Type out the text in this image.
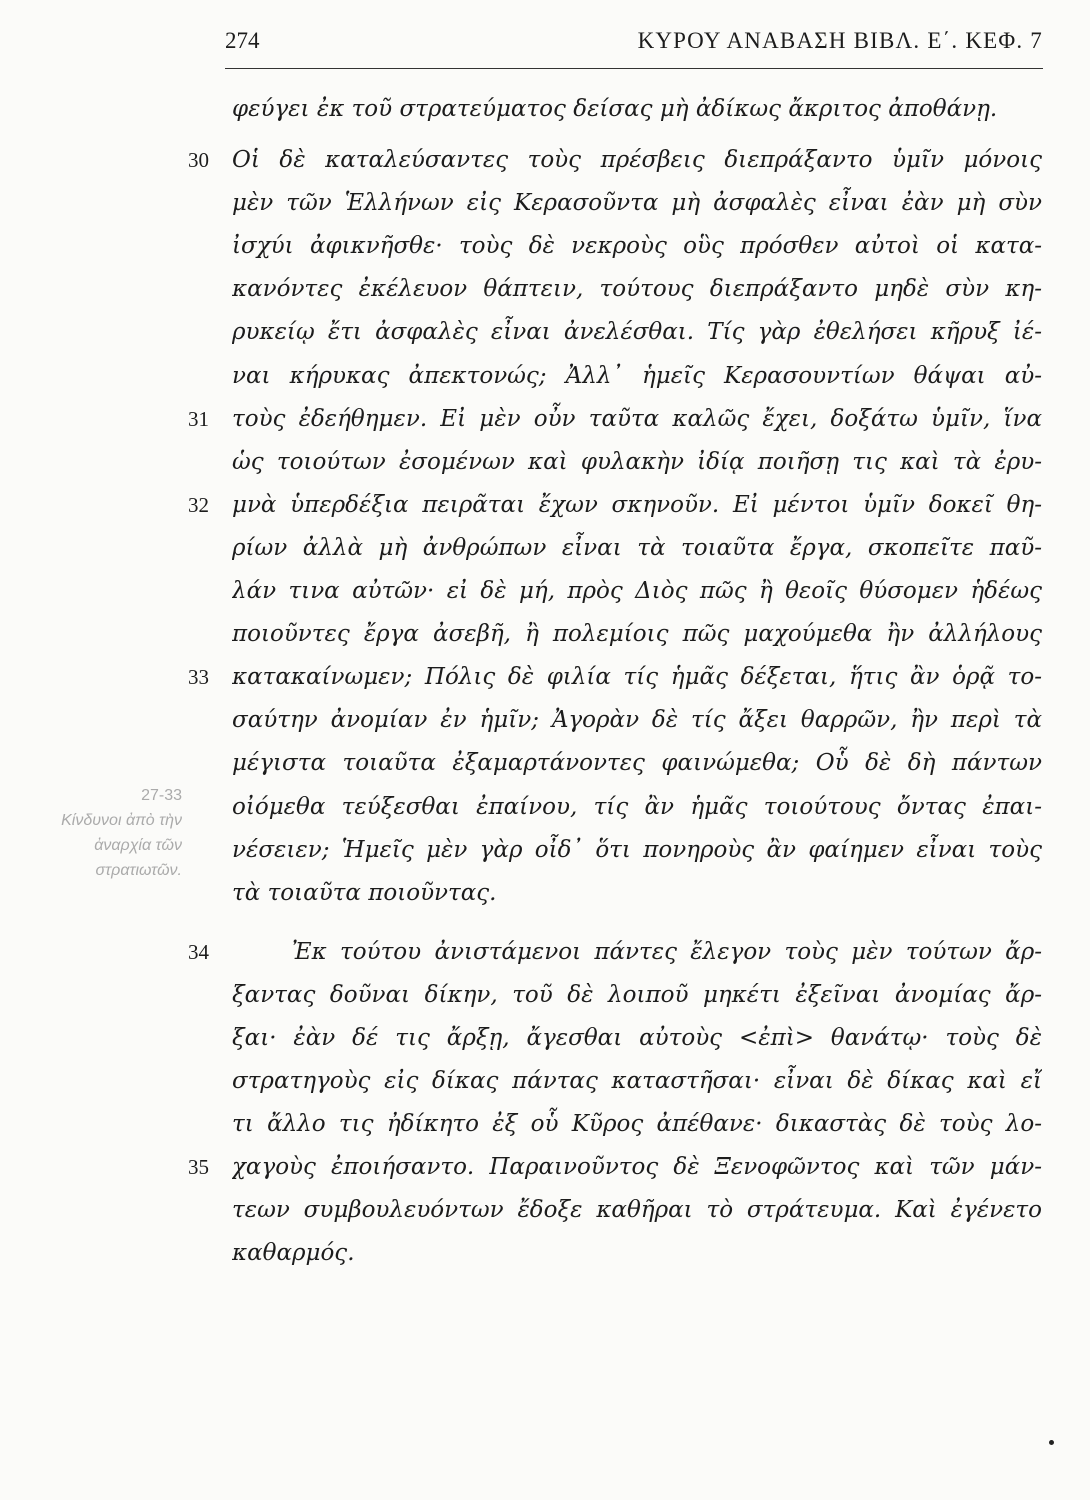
274	ΚΥΡΟΥ ΑΝΑΒΑΣΗ ΒΙΒΛ. Ε΄. ΚΕΦ. 7
φεύγει ἐκ τοῦ στρατεύματος δείσας μὴ ἀδίκως ἄκριτος ἀποθάνῃ.
30 Οἱ δὲ καταλεύσαντες τοὺς πρέσβεις διεπράξαντο ὑμῖν μόνοις
μὲν τῶν Ἑλλήνων εἰς Κερασοῦντα μὴ ἀσφαλὲς εἶναι ἐὰν μὴ σὺν
ἰσχύι ἀφικνῆσθε· τοὺς δὲ νεκροὺς οὓς πρόσθεν αὐτοὶ οἱ κατα-
κανόντες ἐκέλευον θάπτειν, τούτους διεπράξαντο μηδὲ σὺν κη-
ρυκείῳ ἔτι ἀσφαλὲς εἶναι ἀνελέσθαι. Τίς γὰρ ἐθελήσει κῆρυξ ἰέ-
ναι κήρυκας ἀπεκτονώς; Ἀλλ᾽ ἡμεῖς Κερασουντίων θάψαι αὐ-
31 τοὺς ἐδεήθημεν. Εἰ μὲν οὖν ταῦτα καλῶς ἔχει, δοξάτω ὑμῖν, ἵνα
ὡς τοιούτων ἐσομένων καὶ φυλακὴν ἰδίᾳ ποιῆσῃ τις καὶ τὰ ἐρυ-
32 μνὰ ὑπερδέξια πειρᾶται ἔχων σκηνοῦν. Εἰ μέντοι ὑμῖν δοκεῖ θη-
ρίων ἀλλὰ μὴ ἀνθρώπων εἶναι τὰ τοιαῦτα ἔργα, σκοπεῖτε παῦ-
λάν τινα αὐτῶν· εἰ δὲ μή, πρὸς Διὸς πῶς ἢ θεοῖς θύσομεν ἡδέως
ποιοῦντες ἔργα ἀσεβῆ, ἢ πολεμίοις πῶς μαχούμεθα ἢν ἀλλήλους
33 κατακαίνωμεν; Πόλις δὲ φιλία τίς ἡμᾶς δέξεται, ἥτις ἂν ὁρᾷ το-
σαύτην ἀνομίαν ἐν ἡμῖν; Ἀγορὰν δὲ τίς ἄξει θαρρῶν, ἢν περὶ τὰ
μέγιστα τοιαῦτα ἐξαμαρτάνοντες φαινώμεθα; Οὗ δὲ δὴ πάντων
οἰόμεθα τεύξεσθαι ἐπαίνου, τίς ἂν ἡμᾶς τοιούτους ὄντας ἐπαι-
νέσειεν; Ἡμεῖς μὲν γὰρ οἶδ᾽ ὅτι πονηροὺς ἂν φαίημεν εἶναι τοὺς
τὰ τοιαῦτα ποιοῦντας.
34	Ἐκ τούτου ἀνιστάμενοι πάντες ἔλεγον τοὺς μὲν τούτων ἄρ-
ξαντας δοῦναι δίκην, τοῦ δὲ λοιποῦ μηκέτι ἐξεῖναι ἀνομίας ἄρ-
ξαι· ἐὰν δέ τις ἄρξῃ, ἄγεσθαι αὐτοὺς <ἐπὶ> θανάτῳ· τοὺς δὲ
στρατηγοὺς εἰς δίκας πάντας καταστῆσαι· εἶναι δὲ δίκας καὶ εἴ
τι ἄλλο τις ἠδίκητο ἐξ οὗ Κῦρος ἀπέθανε· δικαστὰς δὲ τοὺς λο-
35 χαγοὺς ἐποιήσαντο. Παραινοῦντος δὲ Ξενοφῶντος καὶ τῶν μάν-
τεων συμβουλευόντων ἔδοξε καθῆραι τὸ στράτευμα. Καὶ ἐγένετο
καθαρμός.
27-33
Κίνδυνοι ἀπὸ τὴν ἀναρχία τῶν στρατιωτῶν.
